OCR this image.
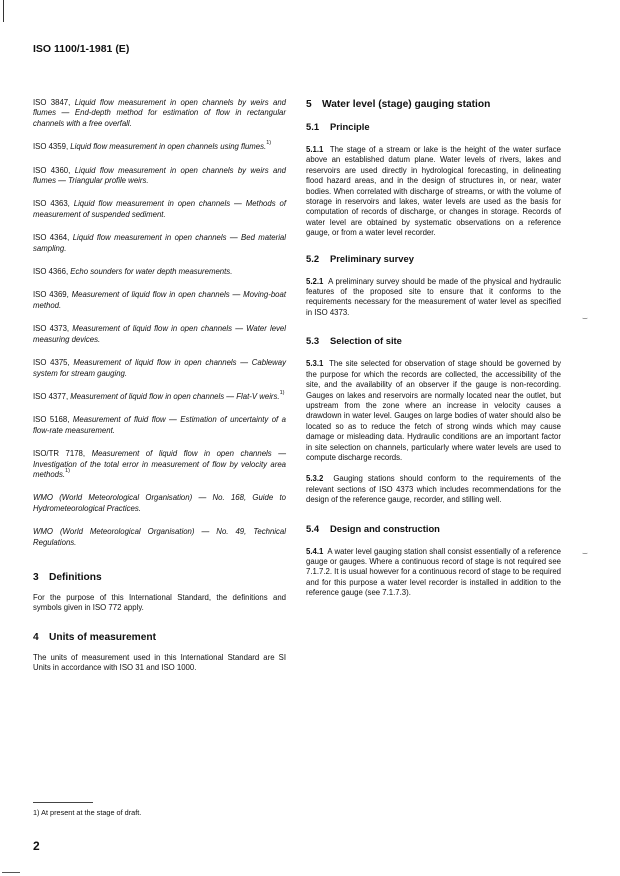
ISO 1100/1-1981 (E)

ISO 3847, Liquid flow measurement in open channels by weirs and flumes — End-depth method for estimation of flow in rectangular channels with a free overfall.

ISO 4359, Liquid flow measurement in open channels using flumes.$^{1)}$

ISO 4360, Liquid flow measurement in open channels by weirs and flumes — Triangular profile weirs.

ISO 4363, Liquid flow measurement in open channels — Methods of measurement of suspended sediment.

ISO 4364, Liquid flow measurement in open channels — Bed material sampling.

ISO 4366, Echo sounders for water depth measurements.

ISO 4369, Measurement of liquid flow in open channels — Moving-boat method.

ISO 4373, Measurement of liquid flow in open channels — Water level measuring devices.

ISO 4375, Measurement of liquid flow in open channels — Cableway system for stream gauging.

ISO 4377, Measurement of liquid flow in open channels — Flat-V weirs.$^{1)}$

ISO 5168, Measurement of fluid flow — Estimation of uncertainty of a flow-rate measurement.

ISO/TR 7178, Measurement of liquid flow in open channels — Investigation of the total error in measurement of flow by velocity area methods.$^{1)}$

WMO (World Meteorological Organisation) — No. 168, Guide to Hydrometeorological Practices.

WMO (World Meteorological Organisation) — No. 49, Technical Regulations.

3 Definitions

For the purpose of this International Standard, the definitions and symbols given in ISO 772 apply.

4 Units of measurement

The units of measurement used in this International Standard are SI Units in accordance with ISO 31 and ISO 1000.

5 Water level (stage) gauging station

5.1 Principle

5.1.1 The stage of a stream or lake is the height of the water surface above an established datum plane. Water levels of rivers, lakes and reservoirs are used directly in hydrological forecasting, in delineating flood hazard areas, and in the design of structures in, or near, water bodies. When correlated with discharge of streams, or with the volume of storage in reservoirs and lakes, water levels are used as the basis for computation of records of discharge, or changes in storage. Records of water level are obtained by systematic observations on a reference gauge, or from a water level recorder.

5.2 Preliminary survey

5.2.1 A preliminary survey should be made of the physical and hydraulic features of the proposed site to ensure that it conforms to the requirements necessary for the measurement of water level as specified in ISO 4373.

5.3 Selection of site

5.3.1 The site selected for observation of stage should be governed by the purpose for which the records are collected, the accessibility of the site, and the availability of an observer if the gauge is non-recording. Gauges on lakes and reservoirs are normally located near the outlet, but upstream from the zone where an increase in velocity causes a drawdown in water level. Gauges on large bodies of water should also be located so as to reduce the fetch of strong winds which may cause damage or misleading data. Hydraulic conditions are an important factor in site selection on channels, particularly where water levels are used to compute discharge records.

5.3.2 Gauging stations should conform to the requirements of the relevant sections of ISO 4373 which includes recommendations for the design of the reference gauge, recorder, and stilling well.

5.4 Design and construction

5.4.1 A water level gauging station shall consist essentially of a reference gauge or gauges. Where a continuous record of stage is not required see 7.1.7.2. It is usual however for a continuous record of stage to be required and for this purpose a water level recorder is installed in addition to the reference gauge (see 7.1.7.3).

⌣
⌣
1) At present at the stage of draft.
2
